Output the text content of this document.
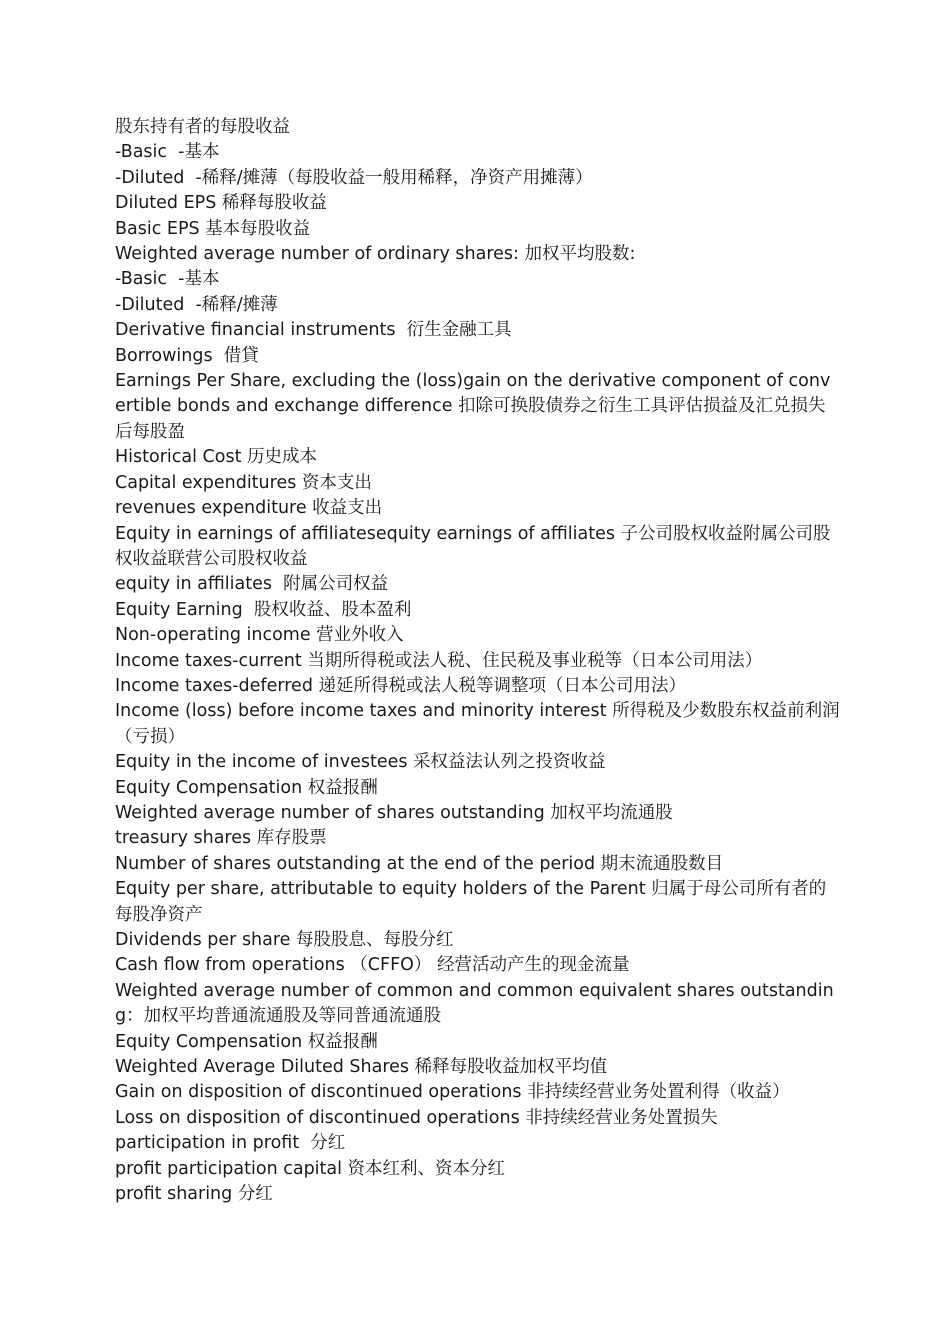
股东持有者的每股收益

-Basic  -基本

-Diluted  -稀释/摊薄（每股收益一般用稀释，净资产用摊薄）

Diluted EPS 稀释每股收益

Basic EPS 基本每股收益

Weighted average number of ordinary shares: 加权平均股数:

-Basic  -基本

-Diluted  -稀释/摊薄

Derivative financial instruments  衍生金融工具

Borrowings  借貸

Earnings Per Share, excluding the (loss)gain on the derivative component of convertible bonds and exchange difference 扣除可换股债券之衍生工具评估损益及汇兑损失后每股盈

Historical Cost 历史成本

Capital expenditures 资本支出

revenues expenditure 收益支出

Equity in earnings of affiliatesequity earnings of affiliates 子公司股权收益附属公司股权收益联营公司股权收益

equity in affiliates  附属公司权益

Equity Earning  股权收益、股本盈利

Non-operating income 营业外收入

Income taxes-current 当期所得税或法人税、住民税及事业税等（日本公司用法）

Income taxes-deferred 递延所得税或法人税等调整项（日本公司用法）

Income (loss) before income taxes and minority interest 所得税及少数股东权益前利润（亏损）

Equity in the income of investees 采权益法认列之投资收益

Equity Compensation 权益报酬

Weighted average number of shares outstanding 加权平均流通股

treasury shares 库存股票

Number of shares outstanding at the end of the period 期末流通股数目

Equity per share, attributable to equity holders of the Parent 归属于母公司所有者的每股净资产

Dividends per share 每股股息、每股分红

Cash flow from operations （CFFO） 经营活动产生的现金流量

Weighted average number of common and common equivalent shares outstanding：加权平均普通流通股及等同普通流通股

Equity Compensation 权益报酬

Weighted Average Diluted Shares 稀释每股收益加权平均值

Gain on disposition of discontinued operations 非持续经营业务处置利得（收益）

Loss on disposition of discontinued operations 非持续经营业务处置损失

participation in profit  分红

profit participation capital 资本红利、资本分红

profit sharing 分红
